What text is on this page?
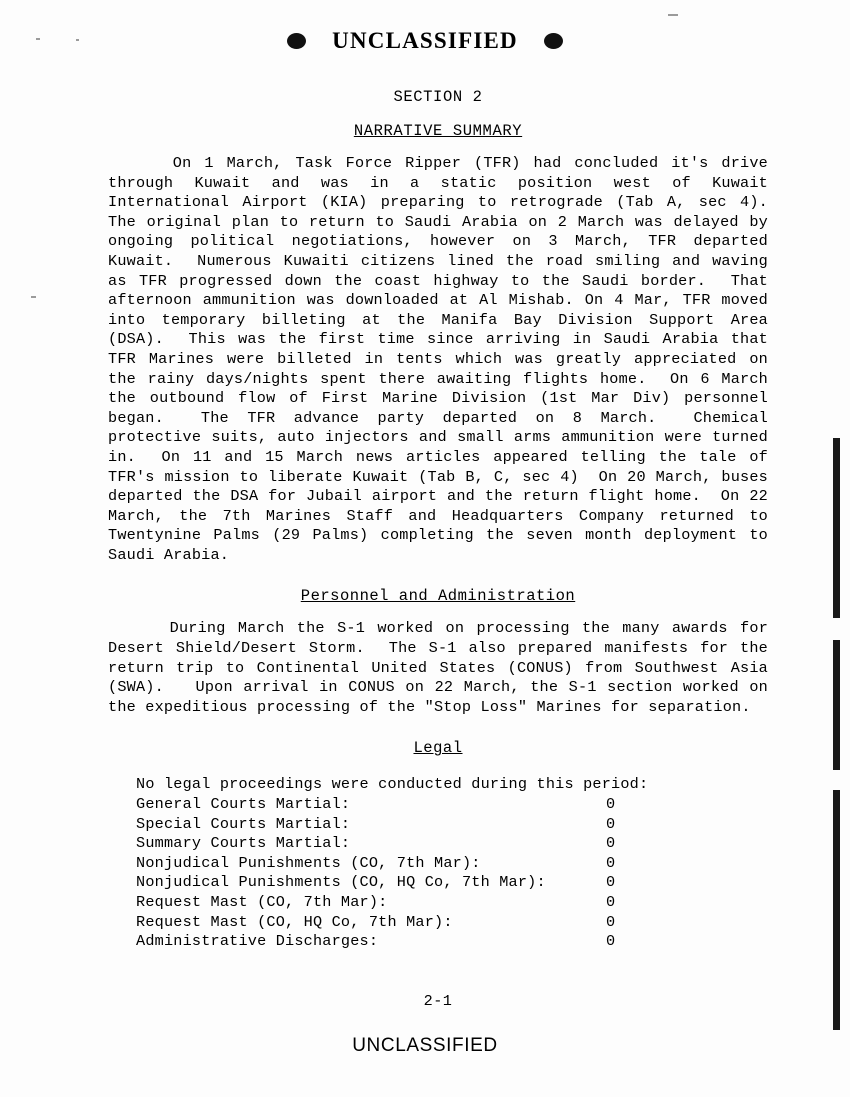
UNCLASSIFIED
SECTION 2
NARRATIVE SUMMARY
On 1 March, Task Force Ripper (TFR) had concluded it's drive through Kuwait and was in a static position west of Kuwait International Airport (KIA) preparing to retrograde (Tab A, sec 4).  The original plan to return to Saudi Arabia on 2 March was delayed by ongoing political negotiations, however on 3 March, TFR departed Kuwait.  Numerous Kuwaiti citizens lined the road smiling and waving as TFR progressed down the coast highway to the Saudi border.  That afternoon ammunition was downloaded at Al Mishab. On 4 Mar, TFR moved into temporary billeting at the Manifa Bay Division Support Area (DSA).  This was the first time since arriving in Saudi Arabia that TFR Marines were billeted in tents which was greatly appreciated on the rainy days/nights spent there awaiting flights home.  On 6 March the outbound flow of First Marine Division (1st Mar Div) personnel began.  The TFR advance party departed on 8 March.  Chemical protective suits, auto injectors and small arms ammunition were turned in.  On 11 and 15 March news articles appeared telling the tale of TFR's mission to liberate Kuwait (Tab B, C, sec 4)  On 20 March, buses departed the DSA for Jubail airport and the return flight home.  On 22 March, the 7th Marines Staff and Headquarters Company returned to Twentynine Palms (29 Palms) completing the seven month deployment to Saudi Arabia.
Personnel and Administration
During March the S-1 worked on processing the many awards for Desert Shield/Desert Storm.  The S-1 also prepared manifests for the return trip to Continental United States (CONUS) from Southwest Asia (SWA).   Upon arrival in CONUS on 22 March, the S-1 section worked on the expeditious processing of the "Stop Loss" Marines for separation.
Legal
No legal proceedings were conducted during this period:
General Courts Martial:	0
Special Courts Martial:	0
Summary Courts Martial:	0
Nonjudical Punishments (CO, 7th Mar):	0
Nonjudical Punishments (CO, HQ Co, 7th Mar):	0
Request Mast (CO, 7th Mar):	0
Request Mast (CO, HQ Co, 7th Mar):	0
Administrative Discharges:	0
2-1
UNCLASSIFIED
